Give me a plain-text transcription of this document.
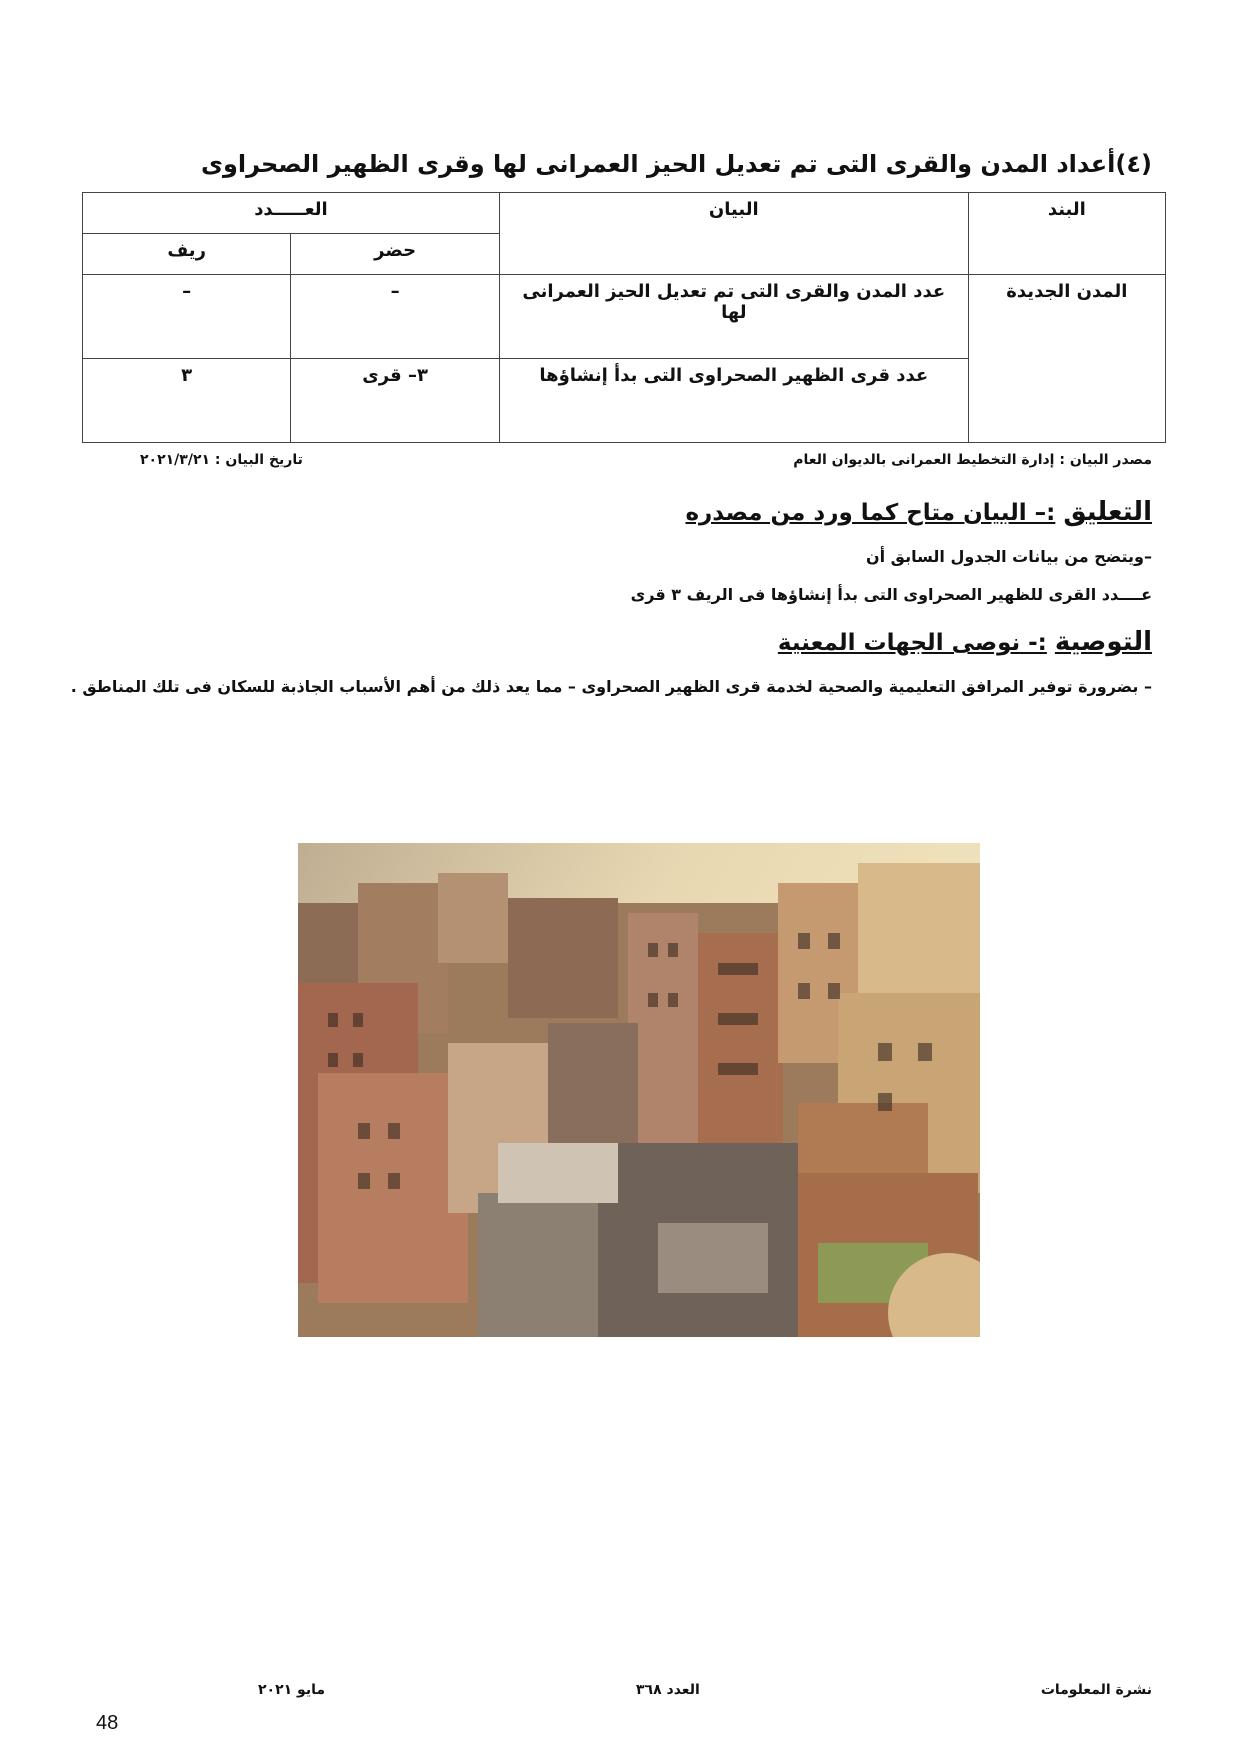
(٤)أعداد المدن والقرى التى تم تعديل الحيز العمرانى لها وقرى الظهير الصحراوى
البند	البيان	العـــــدد	
		حضر	ريف
المدن الجديدة	عدد المدن والقرى التى تم تعديل الحيز العمرانى لها	–	–
	عدد قرى الظهير الصحراوى التى بدأ إنشاؤها	٣– قرى	٣
مصدر البيان : إدارة التخطيط العمرانى بالديوان العام
تاريخ البيان : ٢٠٢١/٣/٢١
التعليق :– البيان متاح كما ورد من مصدره
–ويتضح من بيانات الجدول السابق أن
عــــدد القرى للظهير الصحراوى التى بدأ إنشاؤها فى الريف ٣ قرى
التوصية :- نوصى الجهات المعنية
– بضرورة توفير المرافق التعليمية والصحية لخدمة قرى الظهير الصحراوى – مما يعد ذلك من أهم الأسباب الجاذبة للسكان فى تلك المناطق .
نشرة المعلومات
العدد ٣٦٨
مايو ٢٠٢١
48
